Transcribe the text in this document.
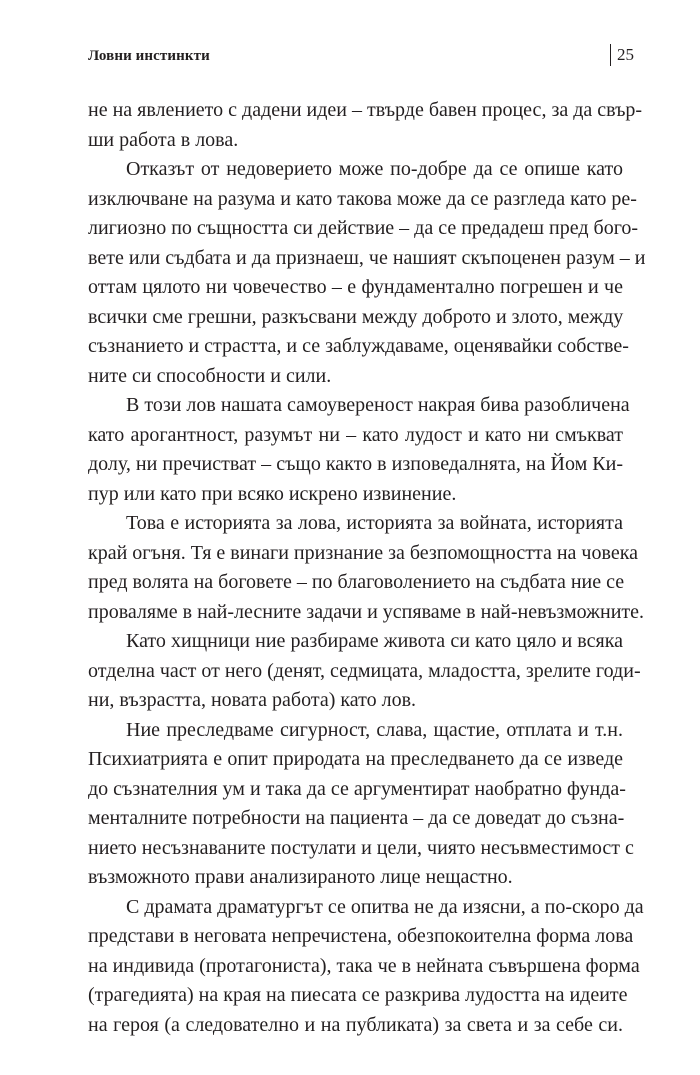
Ловни инстинкти	25
не на явлението с дадени идеи – твърде бавен процес, за да свър-
ши работа в лова.
Отказът от недоверието може по-добре да се опише като
изключване на разума и като такова може да се разгледа като ре-
лигиозно по същността си действие – да се предадеш пред бого-
вете или съдбата и да признаеш, че нашият скъпоценен разум – и
оттам цялото ни човечество – е фундаментално погрешен и че
всички сме грешни, разкъсвани между доброто и злото, между
съзнанието и страстта, и се заблуждаваме, оценявайки собстве-
ните си способности и сили.
В този лов нашата самоувереност накрая бива разобличена
като арогантност, разумът ни – като лудост и като ни смъкват
долу, ни пречистват – също както в изповедалнята, на Йом Ки-
пур или като при всяко искрено извинение.
Това е историята за лова, историята за войната, историята
край огъня. Тя е винаги признание за безпомощността на човека
пред волята на боговете – по благоволението на съдбата ние се
проваляме в най-лесните задачи и успяваме в най-невъзможните.
Като хищници ние разбираме живота си като цяло и всяка
отделна част от него (денят, седмицата, младостта, зрелите годи-
ни, възрастта, новата работа) като лов.
Ние преследваме сигурност, слава, щастие, отплата и т.н.
Психиатрията е опит природата на преследването да се изведе
до съзнателния ум и така да се аргументират наобратно фунда-
менталните потребности на пациента – да се доведат до съзна-
нието несъзнаваните постулати и цели, чиято несъвместимост с
възможното прави анализираното лице нещастно.
С драмата драматургът се опитва не да изясни, а по-скоро да
представи в неговата непречистена, обезпокоителна форма лова
на индивида (протагониста), така че в нейната съвършена форма
(трагедията) на края на пиесата се разкрива лудостта на идеите
на героя (а следователно и на публиката) за света и за себе си.
